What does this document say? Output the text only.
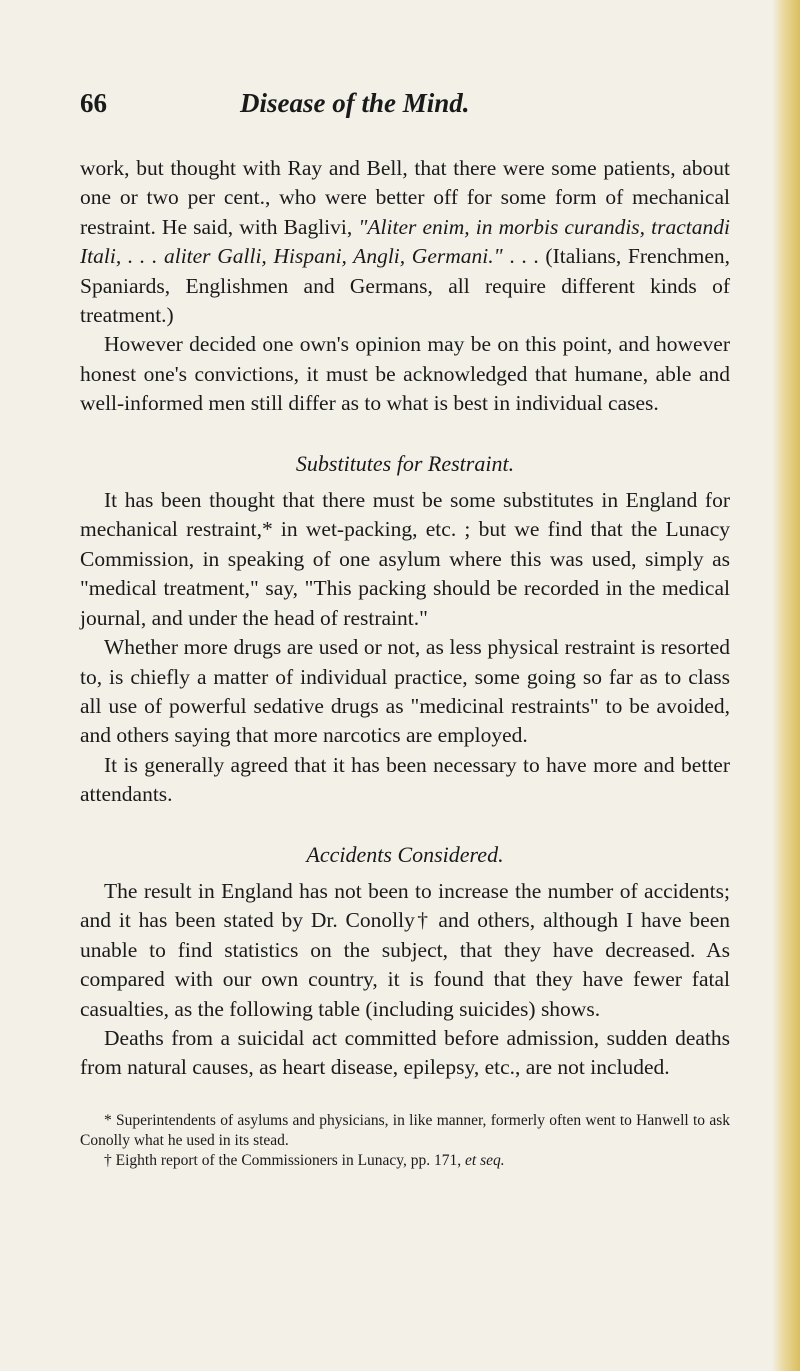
66	Disease of the Mind.

work, but thought with Ray and Bell, that there were some patients, about one or two per cent., who were better off for some form of mechanical restraint. He said, with Baglivi, "Aliter enim, in morbis curandis, tractandi Itali, . . . aliter Galli, Hispani, Angli, Germani." . . . (Italians, Frenchmen, Spaniards, Englishmen and Germans, all require different kinds of treatment.)

However decided one own's opinion may be on this point, and however honest one's convictions, it must be acknowledged that humane, able and well-informed men still differ as to what is best in individual cases.

Substitutes for Restraint.

It has been thought that there must be some substitutes in England for mechanical restraint,* in wet-packing, etc. ; but we find that the Lunacy Commission, in speaking of one asylum where this was used, simply as "medical treatment," say, "This packing should be recorded in the medical journal, and under the head of restraint."

Whether more drugs are used or not, as less physical restraint is resorted to, is chiefly a matter of individual practice, some going so far as to class all use of powerful sedative drugs as "medicinal restraints" to be avoided, and others saying that more narcotics are employed.

It is generally agreed that it has been necessary to have more and better attendants.

Accidents Considered.

The result in England has not been to increase the number of accidents; and it has been stated by Dr. Conolly† and others, although I have been unable to find statistics on the subject, that they have decreased. As compared with our own country, it is found that they have fewer fatal casualties, as the following table (including suicides) shows.

Deaths from a suicidal act committed before admission, sudden deaths from natural causes, as heart disease, epilepsy, etc., are not included.

* Superintendents of asylums and physicians, in like manner, formerly often went to Hanwell to ask Conolly what he used in its stead.

† Eighth report of the Commissioners in Lunacy, pp. 171, et seq.
